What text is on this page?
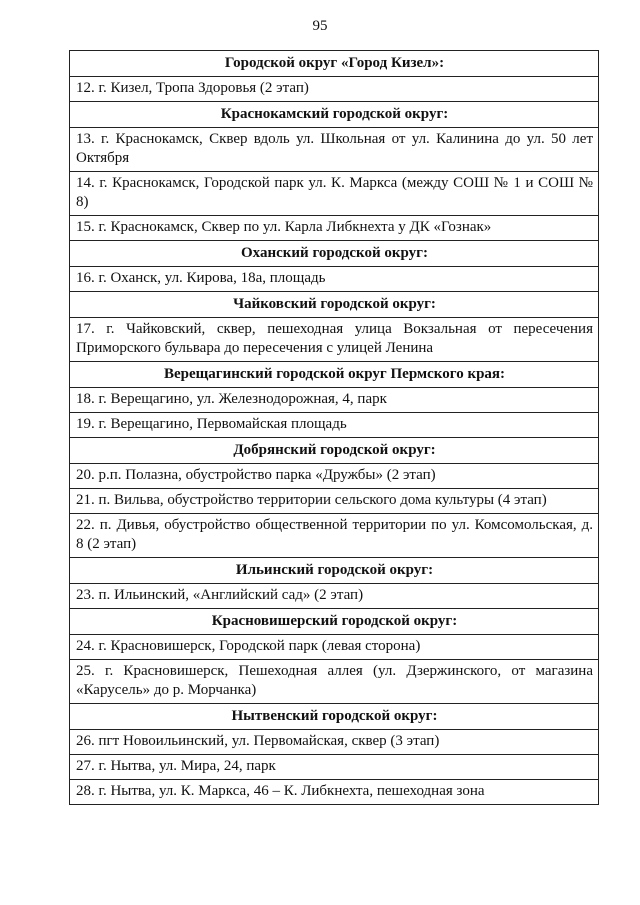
95
Городской округ «Город Кизел»:
12. г. Кизел, Тропа Здоровья (2 этап)
Краснокамский городской округ:
13. г. Краснокамск, Сквер вдоль ул. Школьная от ул. Калинина до ул. 50 лет Октября
14. г. Краснокамск, Городской парк ул. К. Маркса (между СОШ № 1 и СОШ № 8)
15. г. Краснокамск, Сквер по ул. Карла Либкнехта у ДК «Гознак»
Оханский городской округ:
16. г. Оханск, ул. Кирова, 18а, площадь
Чайковский городской округ:
17. г. Чайковский, сквер, пешеходная улица Вокзальная от пересечения Приморского бульвара до пересечения с улицей Ленина
Верещагинский городской округ Пермского края:
18. г. Верещагино, ул. Железнодорожная, 4, парк
19. г. Верещагино, Первомайская площадь
Добрянский городской округ:
20. р.п. Полазна, обустройство парка «Дружбы» (2 этап)
21. п. Вильва, обустройство территории сельского дома культуры (4 этап)
22. п. Дивья, обустройство общественной территории по ул. Комсомольская, д. 8 (2 этап)
Ильинский городской округ:
23. п. Ильинский, «Английский сад» (2 этап)
Красновишерский городской округ:
24. г. Красновишерск, Городской парк (левая сторона)
25. г. Красновишерск, Пешеходная аллея (ул. Дзержинского, от магазина «Карусель» до р. Морчанка)
Нытвенский городской округ:
26. пгт Новоильинский, ул. Первомайская, сквер (3 этап)
27. г. Нытва, ул. Мира, 24, парк
28. г. Нытва, ул. К. Маркса, 46 – К. Либкнехта, пешеходная зона
